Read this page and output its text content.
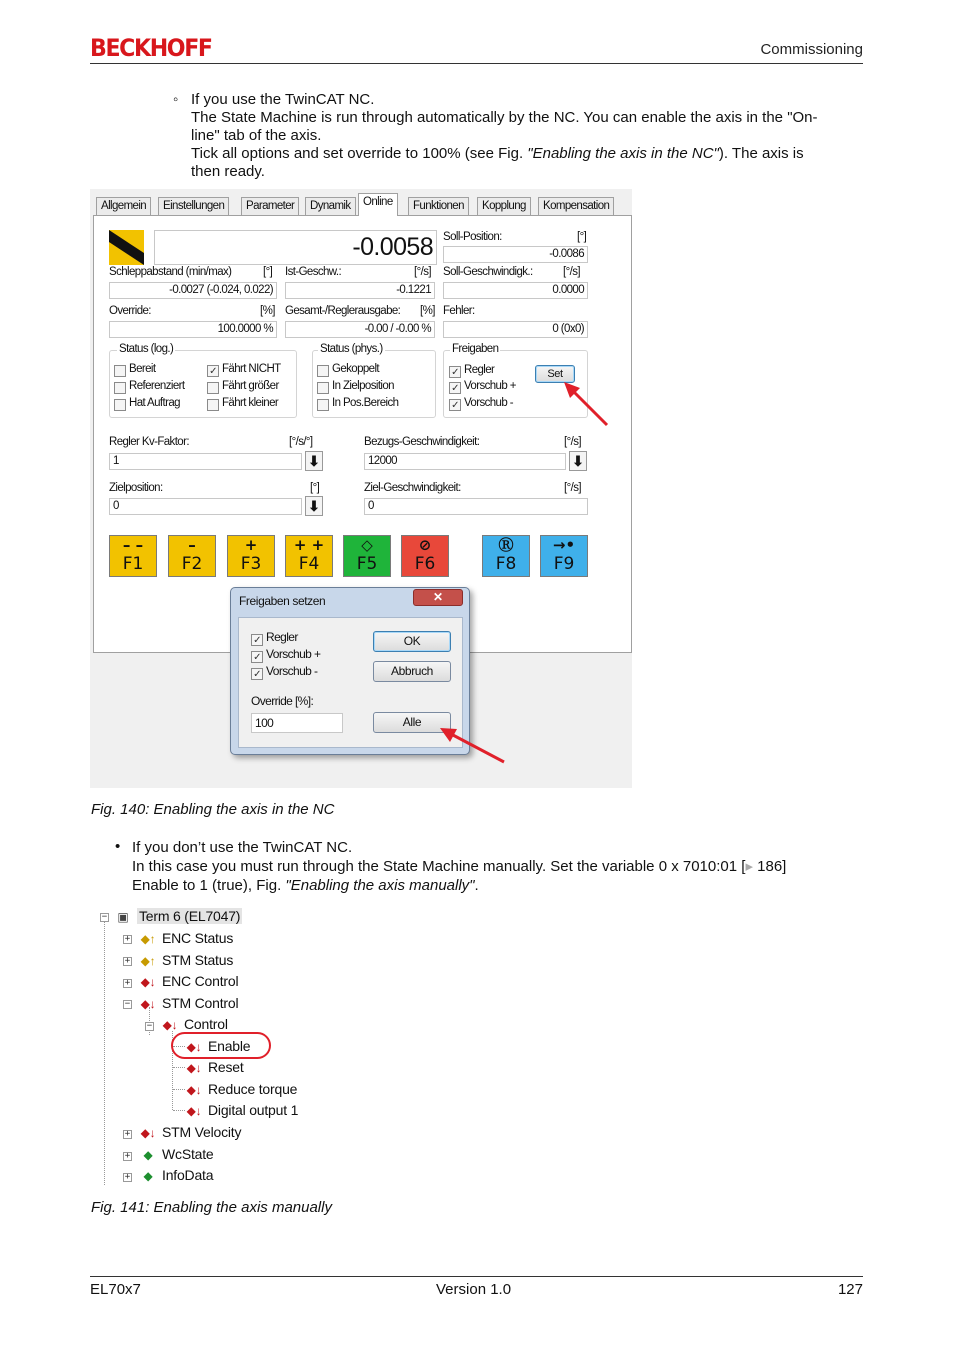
BECKHOFF	Commissioning
◦ If you use the TwinCAT NC.
The State Machine is run through automatically by the NC. You can enable the axis in the "On-
line" tab of the axis.
Tick all options and set override to 100% (see Fig. "Enabling the axis in the NC"). The axis is
then ready.
Allgemein	Einstellungen	Parameter	Dynamik	Online	Funktionen	Kopplung	Kompensation
-0.0058 Soll-Position:	[°]
-0.0086
Schleppabstand (min/max)	[°]
-0.0027 (-0.024, 0.022)
Ist-Geschw.:	[°/s]
-0.1221
Soll-Geschwindigk.:	[°/s]
0.0000
Override:	[%]
100.0000 %
Gesamt-/Reglerausgabe: [%]
-0.00 / -0.00 %
Fehler:
0 (0x0)
Status (log.)
Bereit
Referenziert
Hat Auftrag
✓ Fährt NICHT
Fährt größer
Fährt kleiner
Status (phys.)
Gekoppelt
In Zielposition
In Pos.Bereich
Freigaben
✓ Regler
✓ Vorschub +
✓ Vorschub -
Set
Regler Kv-Faktor:	[°/s/°]
1	⬇
Bezugs-Geschwindigkeit:	[°/s]
12000	⬇
Zielposition:	[°]
0	⬇
Ziel-Geschwindigkeit:	[°/s]
0
– –
F1
–
F2
+
F3
+ +
F4
◇
F5
⊘
F6
Ⓡ
F8
→•
F9
Freigaben setzen	✕
✓ Regler
✓ Vorschub +
✓ Vorschub -
OK
Abbruch
Override [%]:
100	Alle
Fig. 140: Enabling the axis in the NC
• If you don’t use the TwinCAT NC.
In this case you must run through the State Machine manually. Set the variable 0 x 7010:01 [▸ 186]
Enable to 1 (true), Fig. "Enabling the axis manually".
− ▣ Term 6 (EL7047)
+ ◆↑ ENC Status
+ ◆↑ STM Status
+ ◆↓ ENC Control
− ◆↓ STM Control
− ◆↓ Control
◆↓ Enable
◆↓ Reset
◆↓ Reduce torque
◆↓ Digital output 1
+ ◆↓ STM Velocity
+ ◆ WcState
+ ◆ InfoData
Fig. 141: Enabling the axis manually
EL70x7	Version 1.0	127
